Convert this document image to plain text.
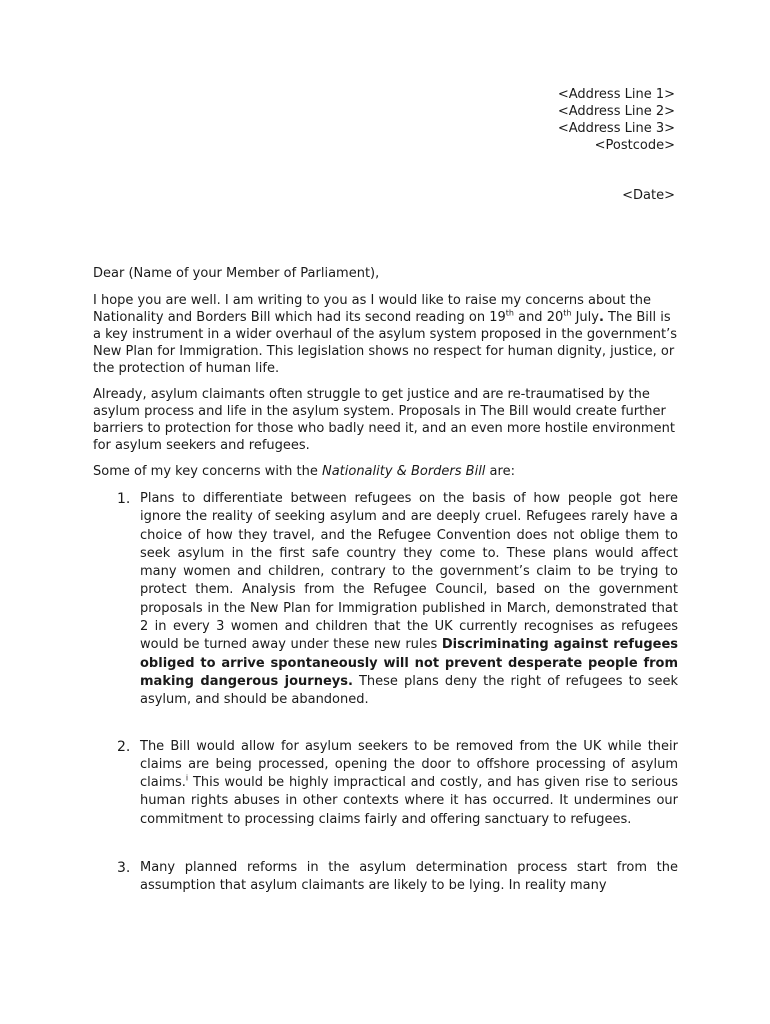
<Address Line 1>
<Address Line 2>
<Address Line 3>
<Postcode>
<Date>

Dear (Name of your Member of Parliament),

I hope you are well. I am writing to you as I would like to raise my concerns about the Nationality and Borders Bill which had its second reading on 19th and 20th July. The Bill is a key instrument in a wider overhaul of the asylum system proposed in the government’s New Plan for Immigration. This legislation shows no respect for human dignity, justice, or the protection of human life.

Already, asylum claimants often struggle to get justice and are re-traumatised by the asylum process and life in the asylum system. Proposals in The Bill would create further barriers to protection for those who badly need it, and an even more hostile environment for asylum seekers and refugees.

Some of my key concerns with the Nationality & Borders Bill are:

1. Plans to differentiate between refugees on the basis of how people got here ignore the reality of seeking asylum and are deeply cruel. Refugees rarely have a choice of how they travel, and the Refugee Convention does not oblige them to seek asylum in the first safe country they come to. These plans would affect many women and children, contrary to the government’s claim to be trying to protect them. Analysis from the Refugee Council, based on the government proposals in the New Plan for Immigration published in March, demonstrated that 2 in every 3 women and children that the UK currently recognises as refugees would be turned away under these new rules Discriminating against refugees obliged to arrive spontaneously will not prevent desperate people from making dangerous journeys. These plans deny the right of refugees to seek asylum, and should be abandoned.
2. The Bill would allow for asylum seekers to be removed from the UK while their claims are being processed, opening the door to offshore processing of asylum claims.$^i$ This would be highly impractical and costly, and has given rise to serious human rights abuses in other contexts where it has occurred. It undermines our commitment to processing claims fairly and offering sanctuary to refugees.
3. Many planned reforms in the asylum determination process start from the assumption that asylum claimants are likely to be lying. In reality many
